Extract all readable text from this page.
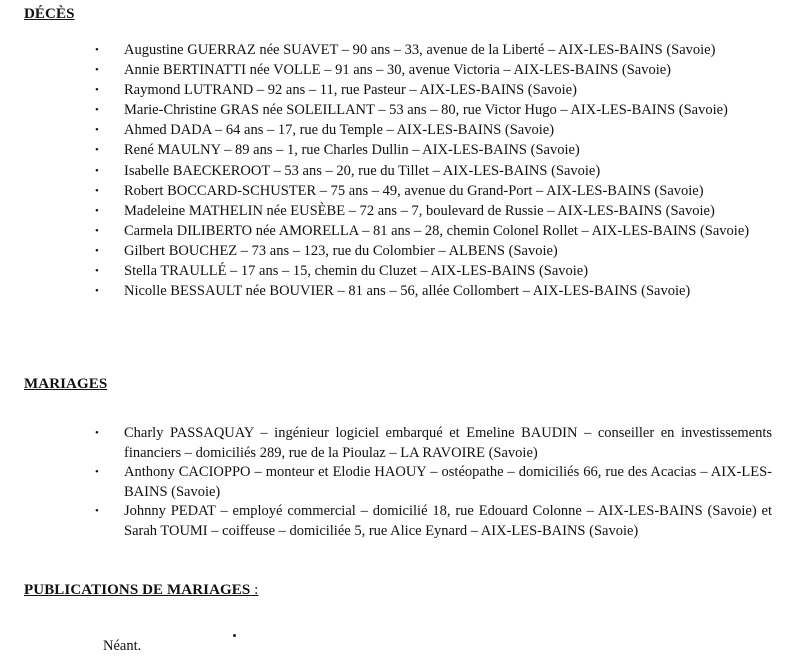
DÉCÈS
• Augustine GUERRAZ née SUAVET – 90 ans – 33, avenue de la Liberté – AIX-LES-BAINS (Savoie)
• Annie BERTINATTI née VOLLE – 91 ans – 30, avenue Victoria – AIX-LES-BAINS (Savoie)
• Raymond LUTRAND – 92 ans – 11, rue Pasteur – AIX-LES-BAINS (Savoie)
• Marie-Christine GRAS née SOLEILLANT – 53 ans – 80, rue Victor Hugo – AIX-LES-BAINS (Savoie)
• Ahmed DADA – 64 ans – 17, rue du Temple – AIX-LES-BAINS (Savoie)
• René MAULNY – 89 ans – 1, rue Charles Dullin – AIX-LES-BAINS (Savoie)
• Isabelle BAECKEROOT – 53 ans – 20, rue du Tillet – AIX-LES-BAINS (Savoie)
• Robert BOCCARD-SCHUSTER – 75 ans – 49, avenue du Grand-Port – AIX-LES-BAINS (Savoie)
• Madeleine MATHELIN née EUSÈBE – 72 ans – 7, boulevard de Russie – AIX-LES-BAINS (Savoie)
• Carmela DILIBERTO née AMORELLA – 81 ans – 28, chemin Colonel Rollet – AIX-LES-BAINS (Savoie)
• Gilbert BOUCHEZ – 73 ans – 123, rue du Colombier – ALBENS (Savoie)
• Stella TRAULLÉ – 17 ans – 15, chemin du Cluzet – AIX-LES-BAINS (Savoie)
• Nicolle BESSAULT née BOUVIER – 81 ans – 56, allée Collombert – AIX-LES-BAINS (Savoie)
MARIAGES
• Charly PASSAQUAY – ingénieur logiciel embarqué et Emeline BAUDIN – conseiller en investissements financiers – domiciliés 289, rue de la Pioulaz – LA RAVOIRE (Savoie)
• Anthony CACIOPPO – monteur et Elodie HAOUY – ostéopathe – domiciliés 66, rue des Acacias – AIX-LES-BAINS (Savoie)
• Johnny PEDAT – employé commercial – domicilié 18, rue Edouard Colonne – AIX-LES-BAINS (Savoie) et Sarah TOUMI – coiffeuse – domiciliée 5, rue Alice Eynard – AIX-LES-BAINS (Savoie)
PUBLICATIONS DE MARIAGES :
Néant.
